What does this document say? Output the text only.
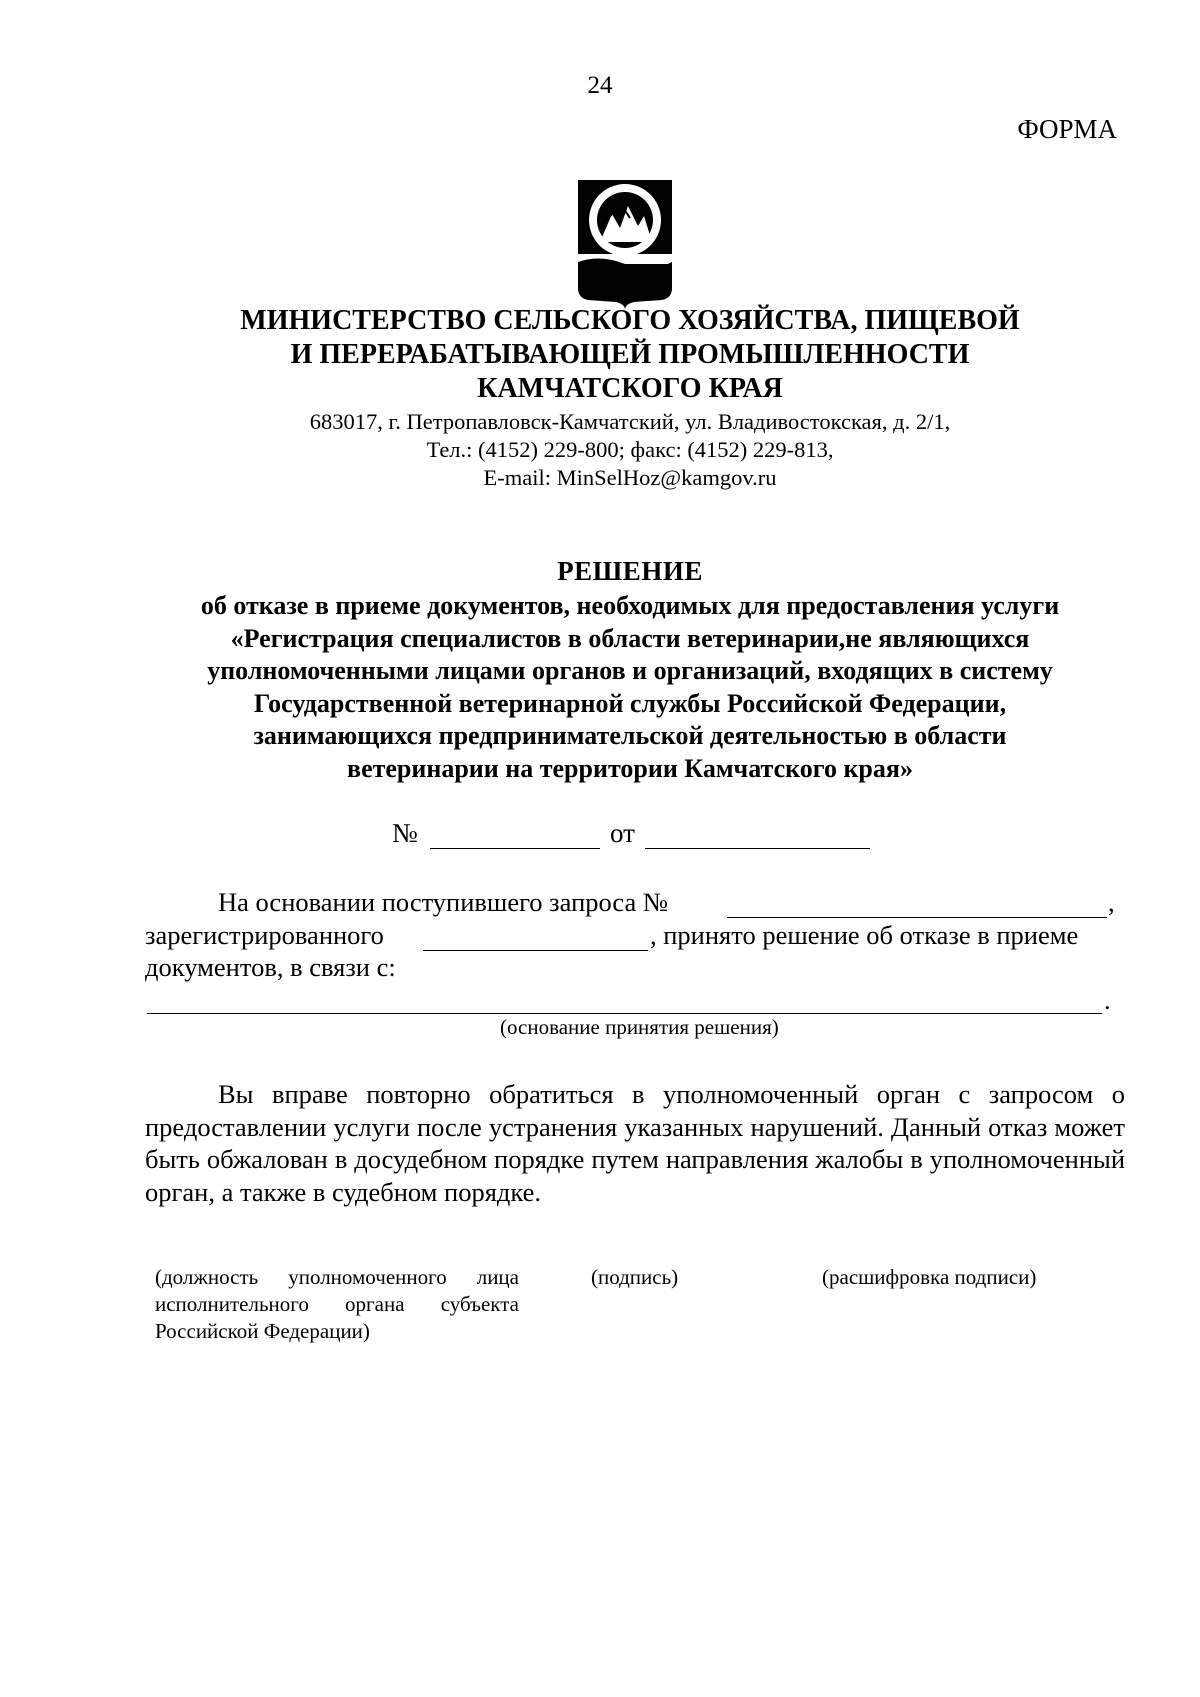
24
ФОРМА
МИНИСТЕРСТВО СЕЛЬСКОГО ХОЗЯЙСТВА, ПИЩЕВОЙ
И ПЕРЕРАБАТЫВАЮЩЕЙ ПРОМЫШЛЕННОСТИ
КАМЧАТСКОГО КРАЯ
683017, г. Петропавловск-Камчатский, ул. Владивостокская, д. 2/1,
Тел.: (4152) 229-800; факс: (4152) 229-813,
E-mail: MinSelHoz@kamgov.ru
РЕШЕНИЕ
об отказе в приеме документов, необходимых для предоставления услуги
«Регистрация специалистов в области ветеринарии,не являющихся
уполномоченными лицами органов и организаций, входящих в систему
Государственной ветеринарной службы Российской Федерации,
занимающихся предпринимательской деятельностью в области
ветеринарии на территории Камчатского края»
№	от
На основании поступившего запроса №	,
зарегистрированного	, принято решение об отказе в приеме
документов, в связи с:
.
(основание принятия решения)
Вы вправе повторно обратиться в уполномоченный орган с запросом о предоставлении услуги после устранения указанных нарушений. Данный отказ может быть обжалован в досудебном порядке путем направления жалобы в уполномоченный орган, а также в судебном порядке.
(должность уполномоченного лица исполнительного органа субъекта Российской Федерации)
(подпись)	(расшифровка подписи)
